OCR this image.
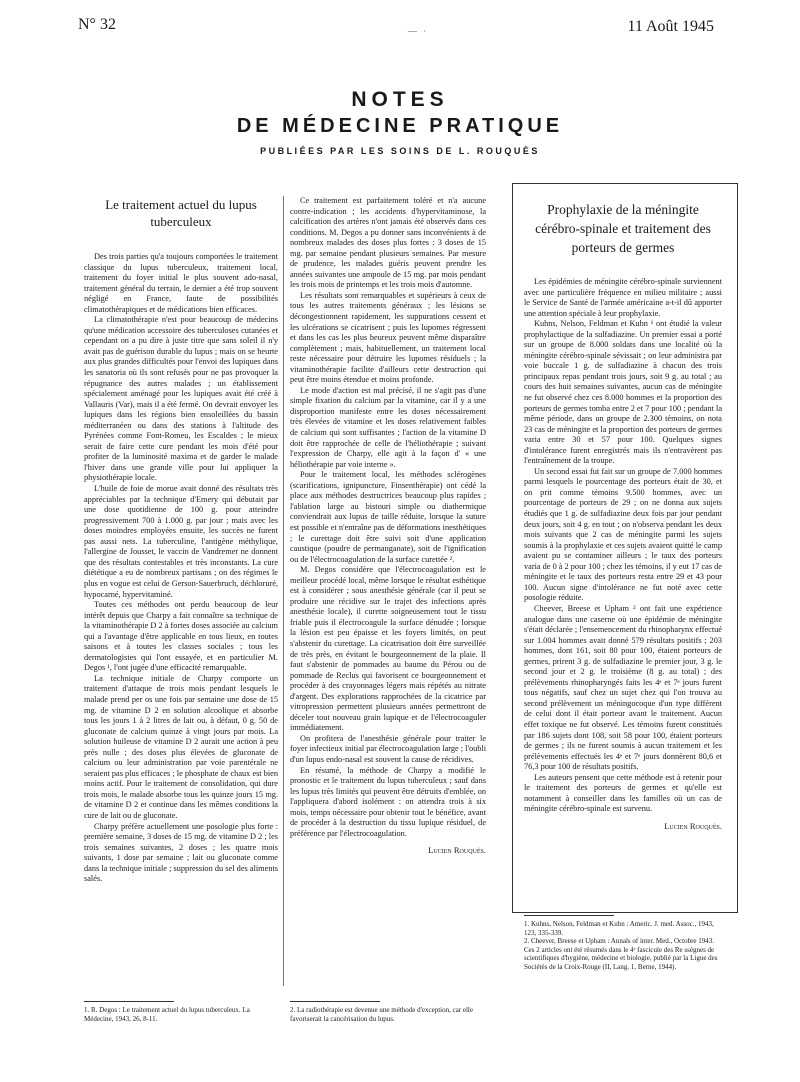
N° 32	— ·	11 Août 1945
NOTES
DE MÉDECINE PRATIQUE
PUBLIÉES PAR LES SOINS DE L. ROUQUÈS
Le traitement actuel du lupus tuberculeux

Des trois parties qu'a toujours comportées le traitement classique du lupus tuberculeux, traitement local, traitement du foyer initial le plus souvent ado-nasal, traitement général du terrain, le dernier a été trop souvent négligé en France, faute de possibilités climatothérapiques et de médications bien efficaces.

La climatothérapie n'est pour beaucoup de médecins qu'une médication accessoire des tuberculoses cutanées et cependant on a pu dire à juste titre que sans soleil il n'y avait pas de guérison durable du lupus ; mais on se heurte aux plus grandes difficultés pour l'envoi des lupiques dans les sanatoria où ils sont refusés pour ne pas provoquer la répugnance des autres malades ; un établissement spécialement aménagé pour les lupiques avait été créé à Vallauris (Var), mais il a été fermé. On devrait envoyer les lupiques dans les régions bien ensoleillées du bassin méditerranéen ou dans des stations à l'altitude des Pyrénées comme Font-Romeu, les Escaldes ; le mieux serait de faire cette cure pendant les mois d'été pour profiter de la luminosité maxima et de garder le malade l'hiver dans une grande ville pour lui appliquer la physiothérapie locale.

L'huile de foie de morue avait donné des résultats très appréciables par la technique d'Emery qui débutait par une dose quotidienne de 100 g. pour atteindre progressivement 700 à 1.000 g. par jour ; mais avec les doses moindres employées ensuite, les succès ne furent pas aussi nets. La tuberculine, l'antigène méthylique, l'allergine de Jousset, le vaccin de Vandremer ne donnent que des résultats contestables et très inconstants. La cure diététique a eu de nombreux partisans ; on des régimes le plus en vogue est celui de Gerson-Sauerbruch, déchloruré, hypocarné, hypervitaminé.

Toutes ces méthodes ont perdu beaucoup de leur intérêt depuis que Charpy a fait connaître sa technique de la vitaminothérapie D 2 à fortes doses associée au calcium qui a l'avantage d'être applicable en tous lieux, en toutes saisons et à toutes les classes sociales ; tous les dermatologistes qui l'ont essayée, et en particulier M. Degos ¹, l'ont jugée d'une efficacité remarquable.

La technique initiale de Charpy comporte un traitement d'attaque de trois mois pendant lesquels le malade prend per os une fois par semaine une dose de 15 mg. de vitamine D 2 en solution alcoolique et absorbe tous les jours 1 à 2 litres de lait ou, à défaut, 0 g. 50 de gluconate de calcium quinze à vingt jours par mois. La solution huileuse de vitamine D 2 aurait une action à peu près nulle ; des doses plus élevées de gluconate de calcium ou leur administration par voie parentérale ne seraient pas plus efficaces ; le phosphate de chaux est bien moins actif. Pour le traitement de consolidation, qui dure trois mois, le malade absorbe tous les quinze jours 15 mg. de vitamine D 2 et continue dans les mêmes conditions la cure de lait ou de gluconate.

Charpy préfère actuellement une posologie plus forte : première semaine, 3 doses de 15 mg. de vitamine D 2 ; les trois semaines suivantes, 2 doses ; les quatre mois suivants, 1 dose par semaine ; lait ou gluconate comme dans la technique initiale ; suppression du sel des aliments salés.

Ce traitement est parfaitement toléré et n'a aucune contre-indication ; les accidents d'hypervitaminose, la calcification des artères n'ont jamais été observés dans ces conditions. M. Degos a pu donner sans inconvénients à de nombreux malades des doses plus fortes : 3 doses de 15 mg. par semaine pendant plusieurs semaines. Par mesure de prudence, les malades guéris peuvent prendre les années suivantes une ampoule de 15 mg. par mois pendant les trois mois de printemps et les trois mois d'automne.

Les résultats sont remarquables et supérieurs à ceux de tous les autres traitements généraux ; les lésions se décongestionnent rapidement, les suppurations cessent et les ulcérations se cicatrisent ; puis les lupomes régressent et dans les cas les plus heureux peuvent même disparaître complètement ; mais, habituellement, un traitement local reste nécessaire pour détruire les lupomes résiduels ; la vitaminothérapie facilite d'ailleurs cette destruction qui peut être moins étendue et moins profonde.

Le mode d'action est mal précisé, il ne s'agit pas d'une simple fixation du calcium par la vitamine, car il y a une disproportion manifeste entre les doses nécessairement très élevées de vitamine et les doses relativement faibles de calcium qui sont suffisantes ; l'action de la vitamine D doit être rapprochée de celle de l'héliothérapie ; suivant l'expression de Charpy, elle agit à la façon d' « une héliothérapie par voie interne ».

Pour le traitement local, les méthodes sclérogènes (scarifications, ignipuncture, Finsenthérapie) ont cédé la place aux méthodes destructrices beaucoup plus rapides ; l'ablation large au bistouri simple ou diathermique conviendrait aux lupus de taille réduite, lorsque la suture est possible et n'entraîne pas de déformations inesthétiques ; le curettage doit être suivi soit d'une application caustique (poudre de permanganate), soit de l'ignification ou de l'électrocoagulation de la surface curettée ².

M. Degos considère que l'électrocoagulation est le meilleur procédé local, même lorsque le résultat esthétique est à considérer ; sous anesthésie générale (car il peut se produire une récidive sur le trajet des infections après anesthésie locale), il curette soigneusement tout le tissu friable puis il électrocoagule la surface dénudée ; lorsque la lésion est peu épaisse et les foyers limités, on peut s'abstenir du curettage. La cicatrisation doit être surveillée de très près, en évitant le bourgeonnement de la plaie. Il faut s'abstenir de pommades au baume du Pérou ou de pommade de Reclus qui favorisent ce bourgeonnement et procéder à des crayonnages légers mais répétés au nitrate d'argent. Des explorations rapprochées de la cicatrice par vitropression permettent plusieurs années permettront de déceler tout nouveau grain lupique et de l'électrocoaguler immédiatement.

On profitera de l'anesthésie générale pour traiter le foyer infectieux initial par électrocoagulation large ; l'oubli d'un lupus endo-nasal est souvent la cause de récidives.

En résumé, la méthode de Charpy a modifié le pronostic et le traitement du lupus tuberculeux ; sauf dans les lupus très limités qui peuvent être détruits d'emblée, on l'appliquera d'abord isolément : on attendra trois à six mois, temps nécessaire pour obtenir tout le bénéfice, avant de procéder à la destruction du tissu lupique résiduel, de préférence par l'électrocoagulation.

Lucien Rouquès.
Prophylaxie de la méningite cérébro-spinale et traitement des porteurs de germes

Les épidémies de méningite cérébro-spinale surviennent avec une particulière fréquence en milieu militaire ; aussi le Service de Santé de l'armée américaine a-t-il dû apporter une attention spéciale à leur prophylaxie.

Kuhns, Nelson, Feldman et Kuhn ¹ ont étudié la valeur prophylactique de la sulfadiazine. Un premier essai a porté sur un groupe de 8.000 soldats dans une localité où la méningite cérébro-spinale sévissait ; on leur administra par voie buccale 1 g. de sulfadiazine à chacun des trois principaux repas pendant trois jours, soit 9 g. au total ; au cours des huit semaines suivantes, aucun cas de méningite ne fut observé chez ces 8.000 hommes et la proportion des porteurs de germes tomba entre 2 et 7 pour 100 ; pendant la même période, dans un groupe de 2.300 témoins, on nota 23 cas de méningite et la proportion des porteurs de germes varia entre 30 et 57 pour 100. Quelques signes d'intolérance furent enregistrés mais ils n'entravèrent pas l'entraînement de la troupe.

Un second essai fut fait sur un groupe de 7.000 hommes parmi lesquels le pourcentage des porteurs était de 30, et on prit comme témoins 9.500 hommes, avec un pourcentage de porteurs de 29 ; on ne donna aux sujets étudiés que 1 g. de sulfadiazine deux fois par jour pendant deux jours, soit 4 g. en tout ; on n'observa pendant les deux mois suivants que 2 cas de méningite parmi les sujets soumis à la prophylaxie et ces sujets avaient quitté le camp avaient pu se contaminer ailleurs ; le taux des porteurs varia de 0 à 2 pour 100 ; chez les témoins, il y eut 17 cas de méningite et le taux des porteurs resta entre 29 et 43 pour 100. Aucun signe d'intolérance ne fut noté avec cette posologie réduite.

Cheever, Breese et Upham ² ont fait une expérience analogue dans une caserne où une épidémie de méningite s'était déclarée ; l'ensemencement du rhinopharynx effectué sur 1.004 hommes avait donné 579 résultats positifs ; 203 hommes, dont 161, soit 80 pour 100, étaient porteurs de germes, prirent 3 g. de sulfadiazine le premier jour, 3 g. le second jour et 2 g. le troisième (8 g. au total) ; des prélèvements rhinopharyngés faits les 4ᵉ et 7ᵉ jours furent tous négatifs, sauf chez un sujet chez qui l'on trouva au second prélèvement un méningocoque d'un type différent de celui dont il était porteur avant le traitement. Aucun effet toxique ne fut observé. Les témoins furent constitués par 186 sujets dont 108, soit 58 pour 100, étaient porteurs de germes ; ils ne furent soumis à aucun traitement et les prélèvements effectués les 4ᵉ et 7ᵉ jours donnèrent 80,6 et 76,3 pour 100 de résultats positifs.

Les auteurs pensent que cette méthode est à retenir pour le traitement des porteurs de germes et qu'elle est notamment à conseiller dans les familles où un cas de méningite cérébro-spinale est survenu.

Lucien Rouquès.
1. R. Degos : Le traitement actuel du lupus tuberculeux. La Médecine, 1943, 26, 8-11.
2. La radiothérapie est devenue une méthode d'exception, car elle favoriserait la cancérisation du lupus.
1. Kuhns, Nelson, Feldman et Kuhn : Americ. J. med. Assoc., 1943, 123, 335-339.
2. Cheever, Breese et Upham : Annals of inter. Med., Octobre 1943.
Ces 2 articles ont été résumés dans le 4ᵉ fascicule des Re sségnes de scientifiques d'hygiène, médecine et biologie, publié par la Ligue des Sociétés de la Croix-Rouge (II, Lang. 1, Berne, 1944).
